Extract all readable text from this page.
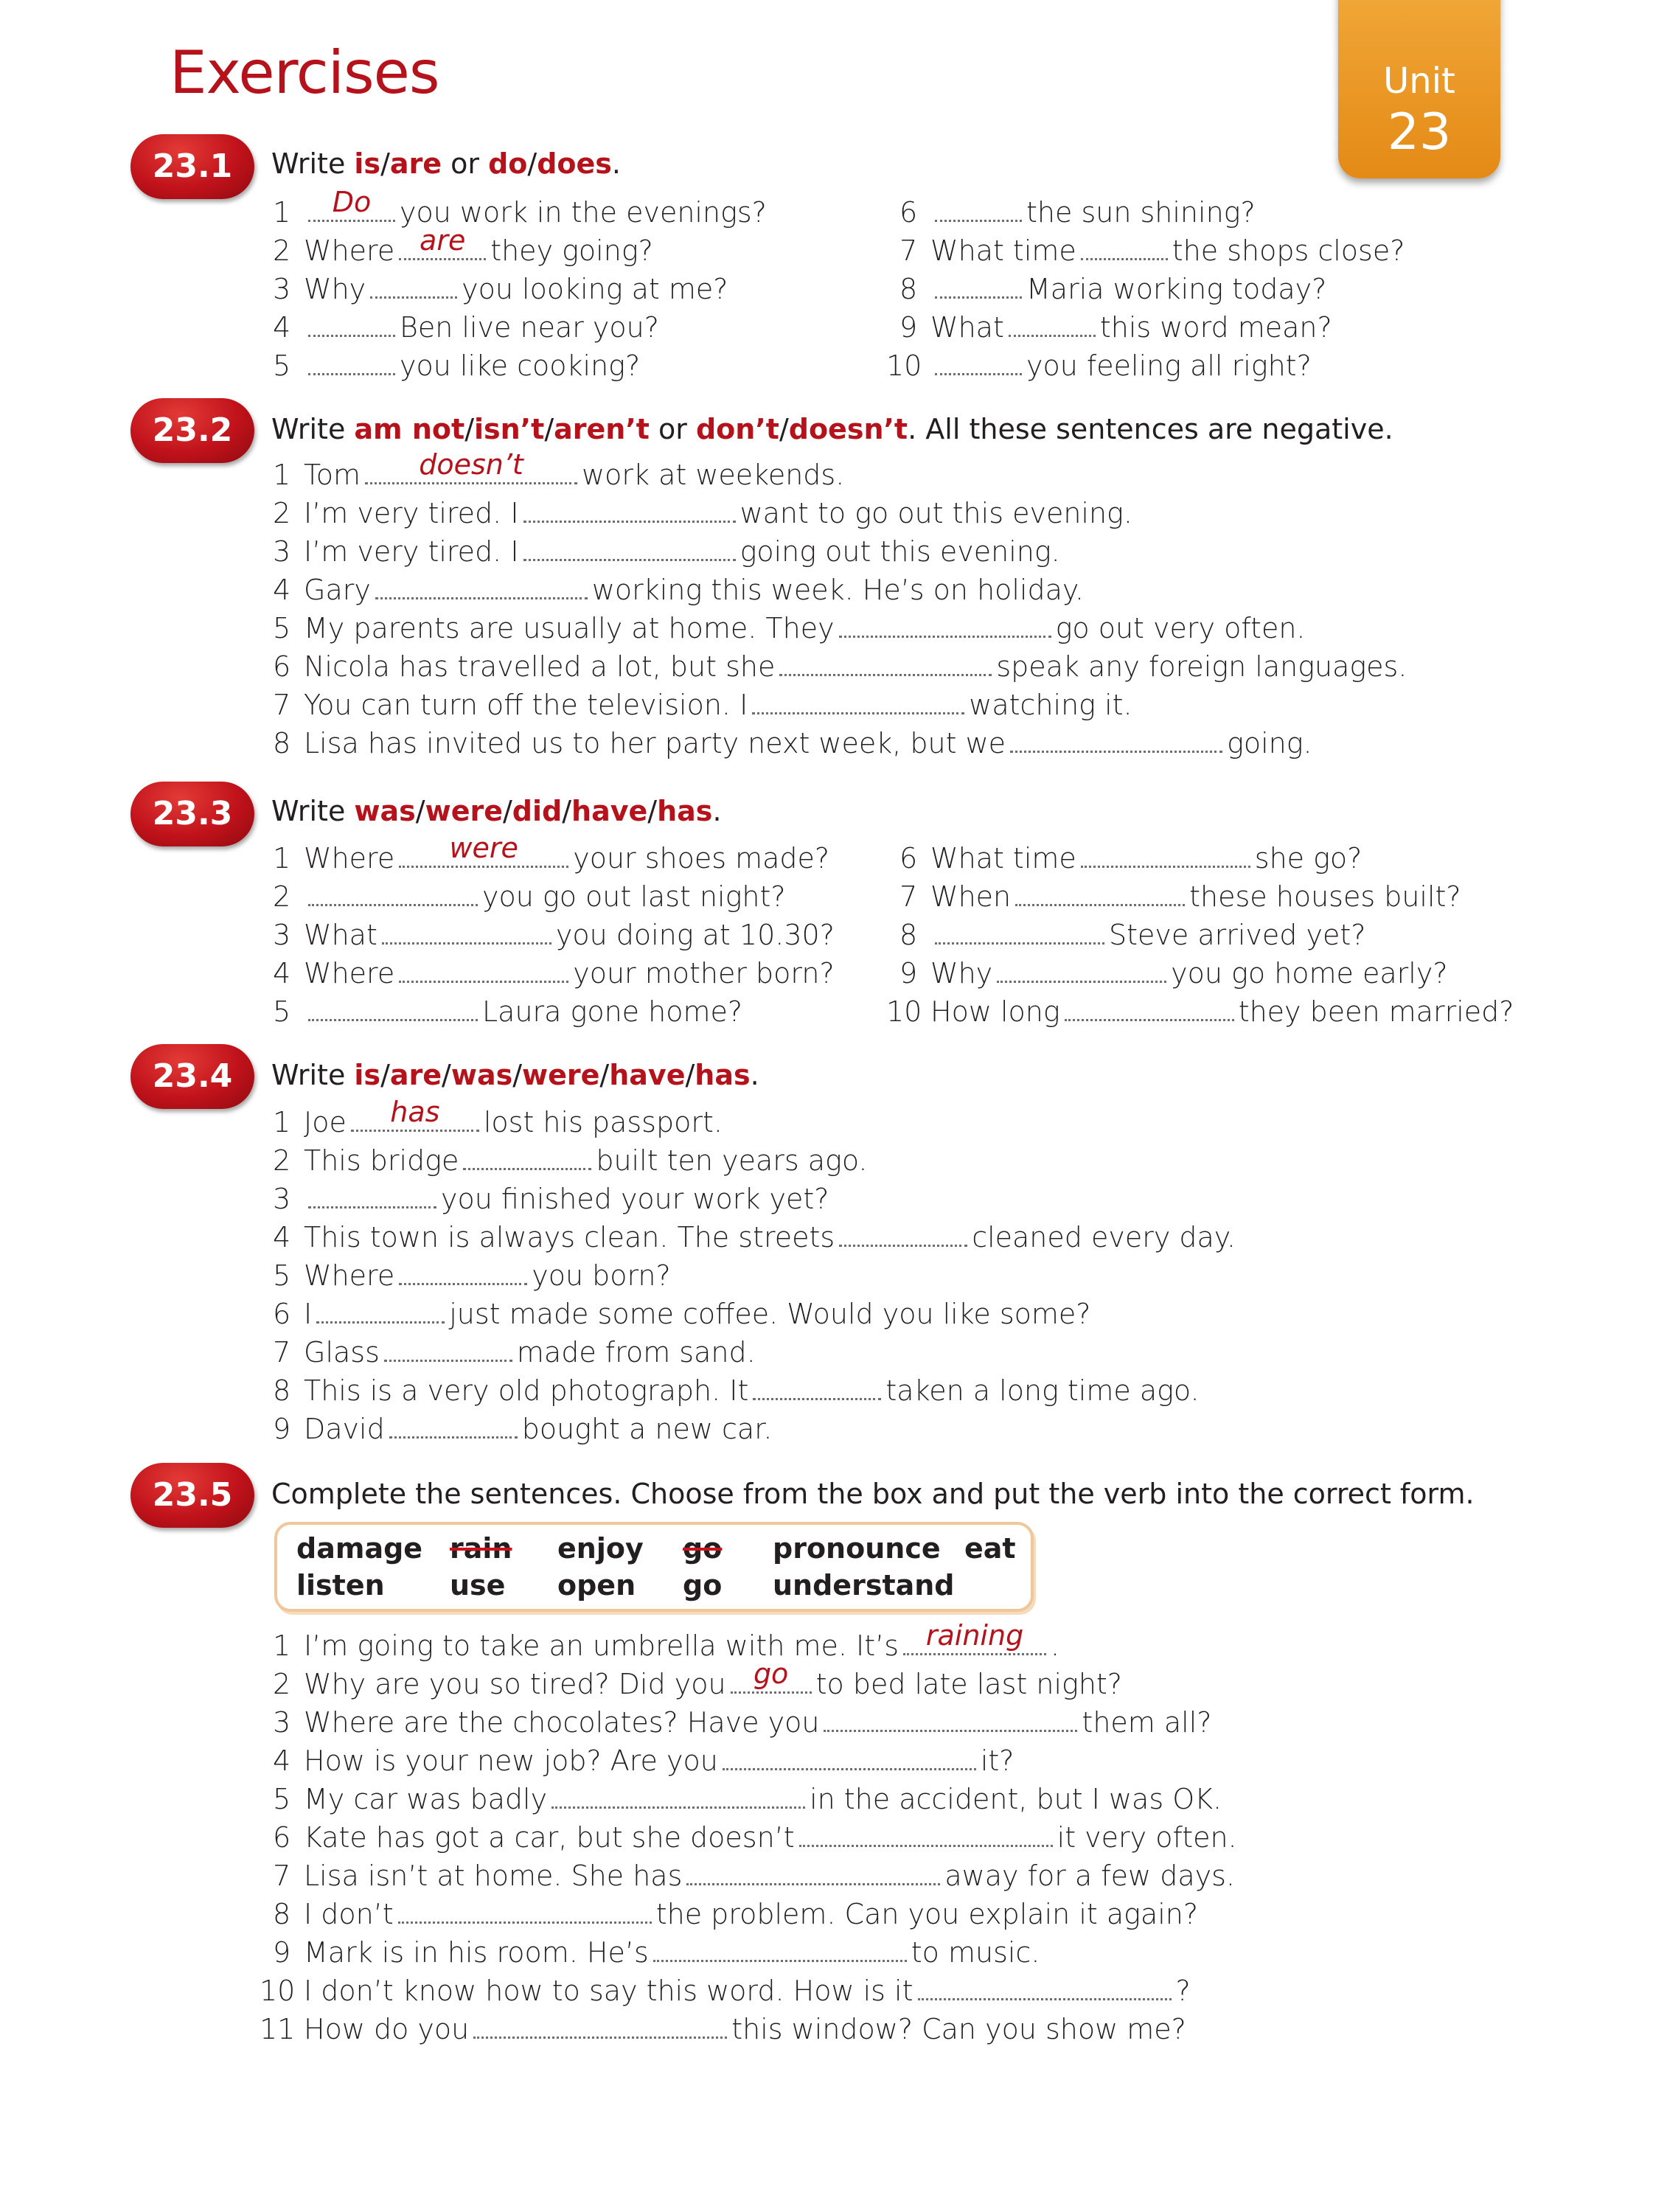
Exercises	Unit
23
23.1	Write is/are or do/does.
1	Do	you work in the evenings?
2 Where are they going?
3 Why	you looking at me?
4	Ben live near you?
5	you like cooking?
6	the sun shining?
7 What time	the shops close?
8	Maria working today?
9 What	this word mean?
10	you feeling all right?
23.2	Write am not/isn’t/aren’t or don’t/doesn’t. All these sentences are negative.
1 Tom	doesn’t	work at weekends.
2 I’m very tired. I	want to go out this evening.
3 I’m very tired. I	going out this evening.
4 Gary	working this week. He’s on holiday.
5 My parents are usually at home. They	go out very often.
6 Nicola has travelled a lot, but she	speak any foreign languages.
7 You can turn off the television. I	watching it.
8 Lisa has invited us to her party next week, but we	going.
23.3	Write was/were/did/have/has.
1 Where	were	your shoes made?
2	you go out last night?
3 What	you doing at 10.30?
4 Where	your mother born?
5	Laura gone home?
6 What time	she go?
7 When	these houses built?
8	Steve arrived yet?
9 Why	you go home early?
10 How long	they been married?
23.4	Write is/are/was/were/have/has.
1 Joe	has	lost his passport.
2 This bridge	built ten years ago.
3	you finished your work yet?
4 This town is always clean. The streets	cleaned every day.
5 Where	you born?
6 I	just made some coffee. Would you like some?
7 Glass	made from sand.
8 This is a very old photograph. It	taken a long time ago.
9 David	bought a new car.
23.5	Complete the sentences. Choose from the box and put the verb into the correct form.
damage rain enjoy go pronounce eat
listen use open go understand
1 I’m going to take an umbrella with me. It’s raining .
2 Why are you so tired? Did you go to bed late last night?
3 Where are the chocolates? Have you	them all?
4 How is your new job? Are you	it?
5 My car was badly	in the accident, but I was OK.
6 Kate has got a car, but she doesn’t	it very often.
7 Lisa isn’t at home. She has	away for a few days.
8 I don’t	the problem. Can you explain it again?
9 Mark is in his room. He’s	to music.
10 I don’t know how to say this word. How is it	?
11 How do you	this window? Can you show me?
